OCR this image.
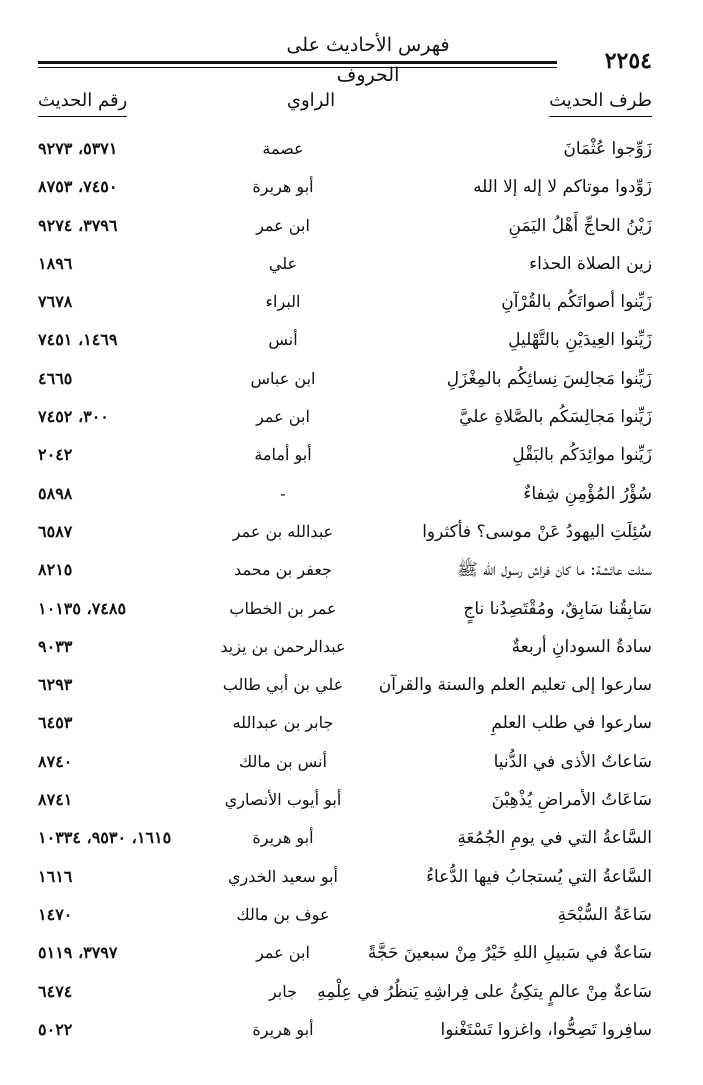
فهرس الأحاديث على الحروف
٢٢٥٤
طرف الحديث
الراوي
رقم الحديث
زَوِّجوا عُثْمَانَ
عصمة
٥٣٧١، ٩٢٧٣
زَوِّدوا موتاكم لا إله إلا الله
أبو هريرة
٧٤٥٠، ٨٧٥٣
زَيْنُ الحاجِّ أَهْلُ اليَمَنِ
ابن عمر
٣٧٩٦، ٩٢٧٤
زين الصلاة الحذاء
علي
١٨٩٦
زَيِّنوا أصواتَكُم بالقُرْآنِ
البراء
٧٦٧٨
زَيِّنوا العِيدَيْنِ بالتَّهْليلِ
أنس
١٤٦٩، ٧٤٥١
زَيِّنوا مَجالِسَ نِسائِكُم بالمِغْزَلِ
ابن عباس
٤٦٦٥
زَيِّنوا مَجالِسَكُم بالصَّلاةِ عليَّ
ابن عمر
٣٠٠، ٧٤٥٢
زَيِّنوا موائِدَكُم بالبَقْلِ
أبو أمامة
٢٠٤٢
سُؤْرُ المُؤْمِنِ شِفاءٌ
-
٥٨٩٨
سُئِلَتِ اليهودُ عَنْ موسى؟ فأكثروا
عبدالله بن عمر
٦٥٨٧
سئلت عائشة: ما كان فراش رسول الله ﷺ
جعفر بن محمد
٨٢١٥
سَابِقُنا سَابِقٌ، ومُقْتَصِدُنا ناجٍ
عمر بن الخطاب
٧٤٨٥، ١٠١٣٥
سادةُ السودانِ أربعةٌ
عبدالرحمن بن يزيد
٩٠٣٣
سارعوا إلى تعليم العلم والسنة والقرآن
علي بن أبي طالب
٦٢٩٣
سارعوا في طلب العلمِ
جابر بن عبدالله
٦٤٥٣
سَاعاتُ الأذى في الدُّنيا
أنس بن مالك
٨٧٤٠
سَاعَاتُ الأمراضِ يُذْهِبْنَ
أبو أيوب الأنصاري
٨٧٤١
السَّاعةُ التي في يومِ الجُمُعَةِ
أبو هريرة
١٦١٥، ٩٥٣٠، ١٠٣٣٤
السَّاعةُ التي يُستجابُ فيها الدُّعاءُ
أبو سعيد الخدري
١٦١٦
سَاعَةُ السُّبْحَةِ
عوف بن مالك
١٤٧٠
سَاعةٌ في سَبيلِ اللهِ خَيْرٌ مِنْ سبعينَ حَجَّةً
ابن عمر
٣٧٩٧، ٥١١٩
سَاعةٌ مِنْ عالمٍ يتكِئُ على فِراشِهِ يَنظُرُ في عِلْمِهِ
جابر
٦٤٧٤
سافِروا تَصِحُّوا، واغزوا تَسْتَغْنوا
أبو هريرة
٥٠٢٢
